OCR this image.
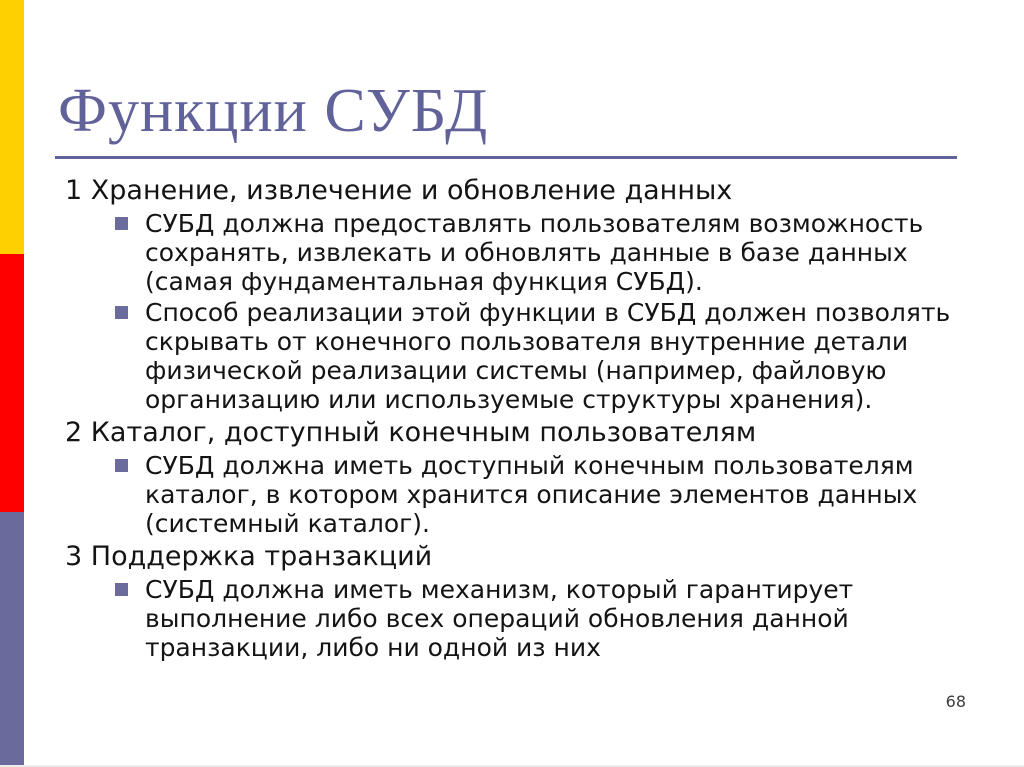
Функции СУБД
1 Хранение, извлечение и обновление данных
СУБД должна предоставлять пользователям возможность сохранять, извлекать и обновлять данные в базе данных (самая фундаментальная функция СУБД).
Способ реализации этой функции в СУБД должен позволять скрывать от конечного пользователя внутренние детали физической реализации системы (например, файловую организацию или используемые структуры хранения).
2 Каталог, доступный конечным пользователям
СУБД должна иметь доступный конечным пользователям каталог, в котором хранится описание элементов данных (системный каталог).
3 Поддержка транзакций
СУБД должна иметь механизм, который гарантирует выполнение либо всех операций обновления данной транзакции, либо ни одной из них
68
